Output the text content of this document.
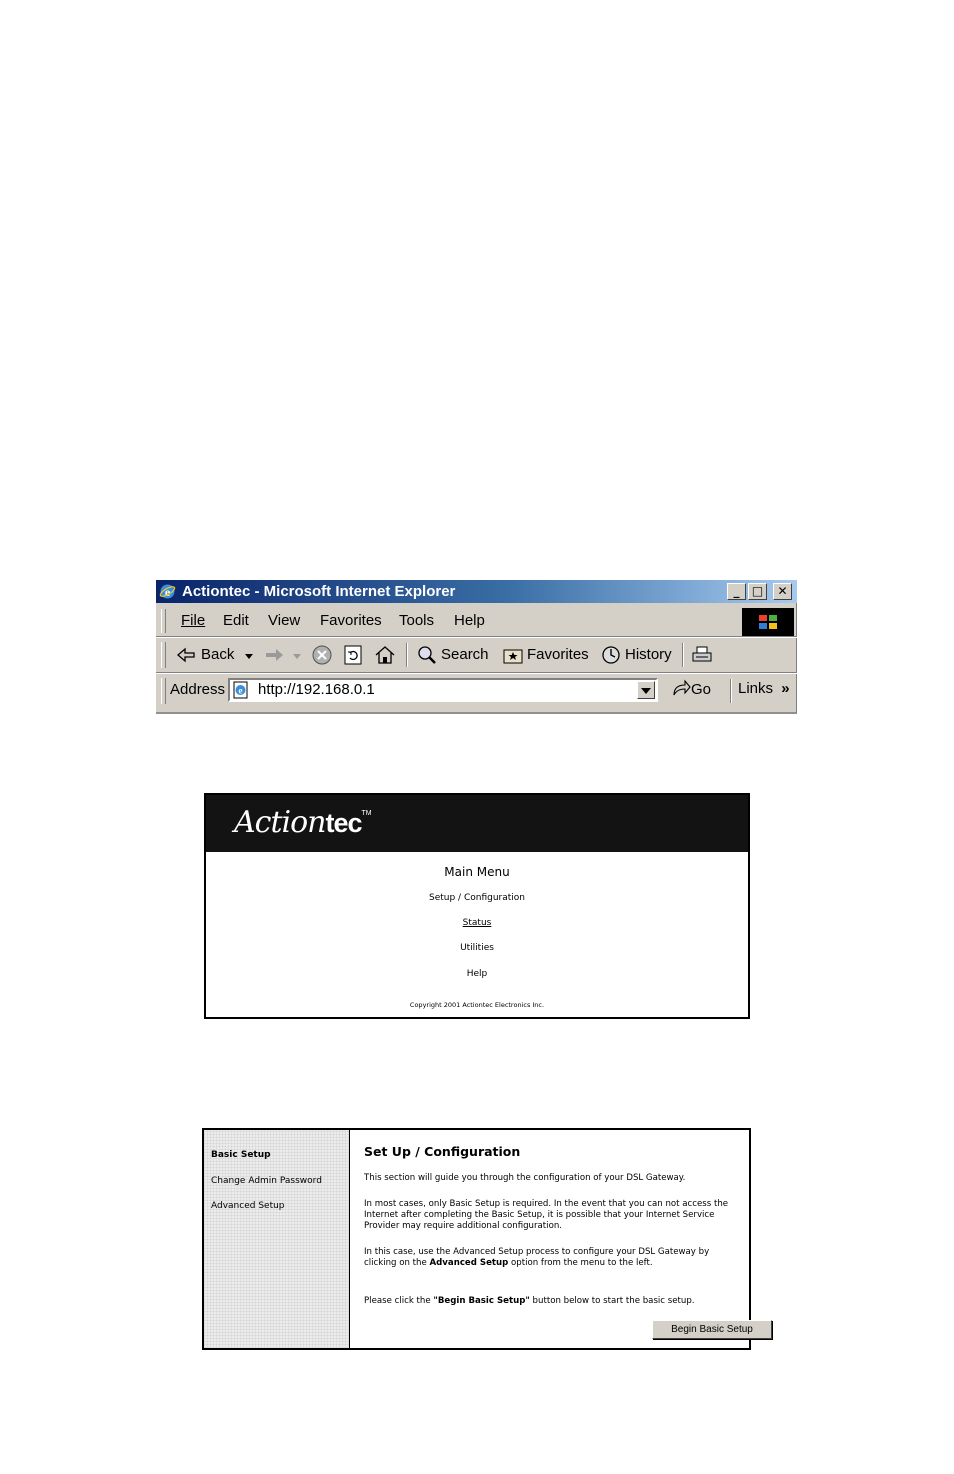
e Actiontec - Microsoft Internet Explorer	_	□	✕
File Edit View Favorites Tools Help
Back	Search	Favorites History
Address e http://192.168.0.1	Go Links »
Actiontec™
Main Menu
Setup / Configuration
Status
Utilities
Help
Copyright 2001 Actiontec Electronics Inc.
Basic Setup
Change Admin Password
Advanced Setup
Set Up / Configuration
This section will guide you through the configuration of your DSL Gateway.
In most cases, only Basic Setup is required. In the event that you can not access the Internet after completing the Basic Setup, it is possible that your Internet Service Provider may require additional configuration.
In this case, use the Advanced Setup process to configure your DSL Gateway by clicking on the Advanced Setup option from the menu to the left.
Please click the "Begin Basic Setup" button below to start the basic setup.
Begin Basic Setup
